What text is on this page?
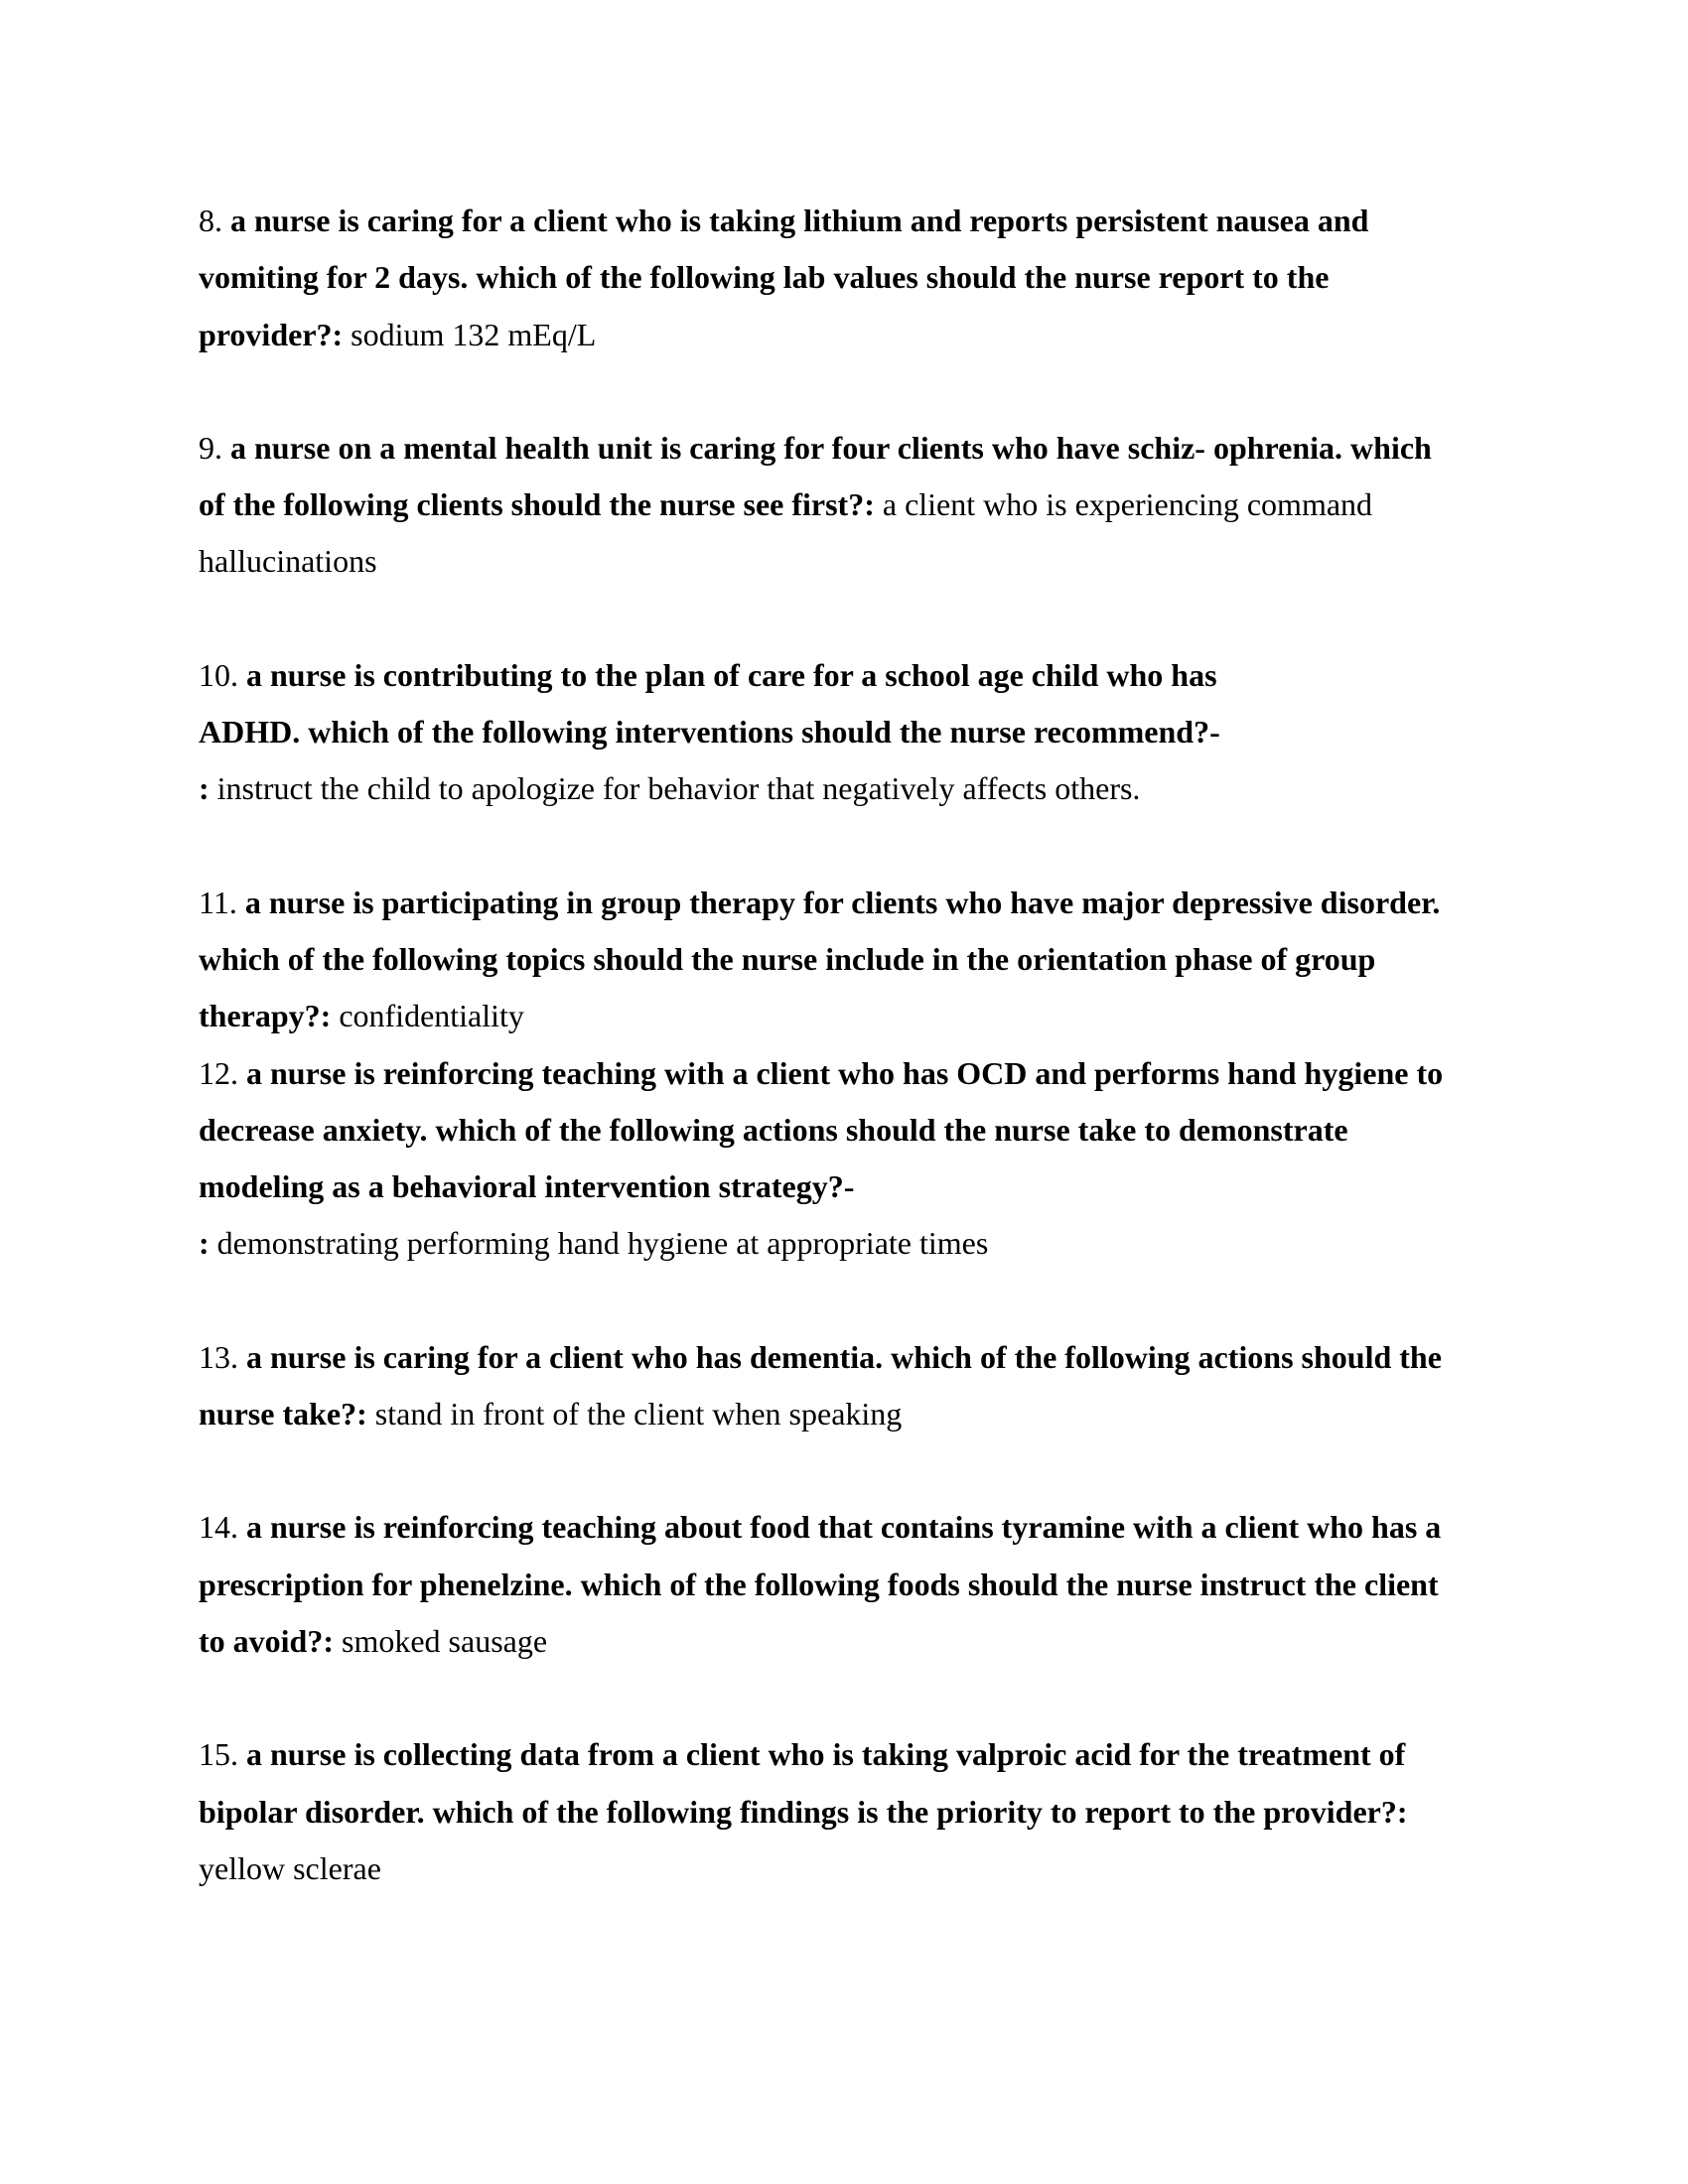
8. a nurse is caring for a client who is taking lithium and reports persistent nausea and
vomiting for 2 days. which of the following lab values should the nurse report to the
provider?: sodium 132 mEq/L
9. a nurse on a mental health unit is caring for four clients who have schiz- ophrenia. which

of the following clients should the nurse see first?: a client who is experiencing command
hallucinations
10. a nurse is contributing to the plan of care for a school age child who has
ADHD. which of the following interventions should the nurse recommend?-
: instruct the child to apologize for behavior that negatively affects others.
11. a nurse is participating in group therapy for clients who have major depressive disorder.
which of the following topics should the nurse include in the orientation phase of group
therapy?: confidentiality
12. a nurse is reinforcing teaching with a client who has OCD and performs hand hygiene to
decrease anxiety. which of the following actions should the nurse take to demonstrate
modeling as a behavioral intervention strategy?-
: demonstrating performing hand hygiene at appropriate times
13. a nurse is caring for a client who has dementia. which of the following actions should the
nurse take?: stand in front of the client when speaking
14. a nurse is reinforcing teaching about food that contains tyramine with a client who has a
prescription for phenelzine. which of the following foods should the nurse instruct the client
to avoid?: smoked sausage
15. a nurse is collecting data from a client who is taking valproic acid for the treatment of
bipolar disorder. which of the following findings is the priority to report to the provider?:
yellow sclerae
